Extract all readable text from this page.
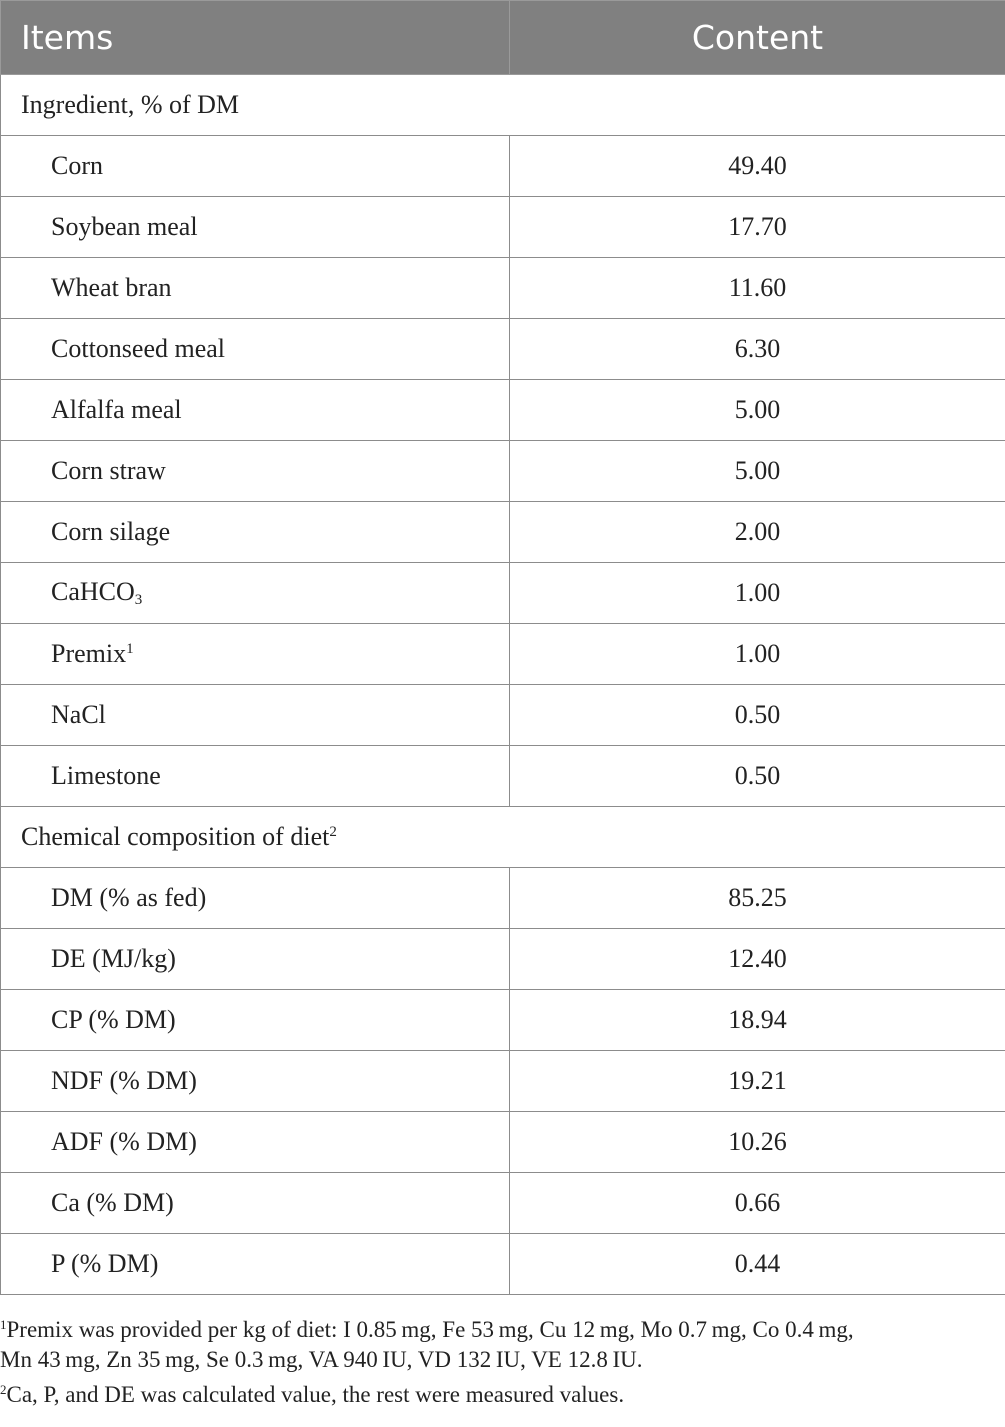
Items	Content
Ingredient, % of DM	
Corn	49.40
Soybean meal	17.70
Wheat bran	11.60
Cottonseed meal	6.30
Alfalfa meal	5.00
Corn straw	5.00
Corn silage	2.00
CaHCO$_3$	1.00
Premix$^1$	1.00
NaCl	0.50
Limestone	0.50
Chemical composition of diet$^2$
DM (% as fed)	85.25
DE (MJ/kg)	12.40
CP (% DM)	18.94
NDF (% DM)	19.21
ADF (% DM)	10.26
Ca (% DM)	0.66
P (% DM)	0.44

$^1$Premix was provided per kg of diet: I 0.85 mg, Fe 53 mg, Cu 12 mg, Mo 0.7 mg, Co 0.4 mg,

Mn 43 mg, Zn 35 mg, Se 0.3 mg, VA 940 IU, VD 132 IU, VE 12.8 IU.

$^2$Ca, P, and DE was calculated value, the rest were measured values.
